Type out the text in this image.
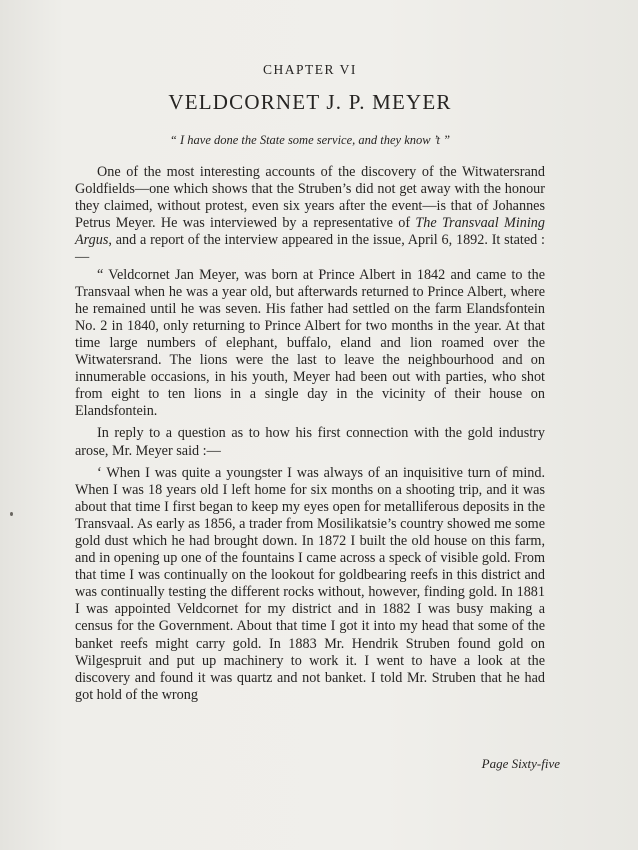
CHAPTER VI
VELDCORNET J. P. MEYER
“ I have done the State some service, and they know ’t ”

One of the most interesting accounts of the discovery of the Witwatersrand Goldfields—one which shows that the Struben’s did not get away with the honour they claimed, without protest, even six years after the event—is that of Johannes Petrus Meyer. He was interviewed by a representative of The Transvaal Mining Argus, and a report of the interview appeared in the issue, April 6, 1892. It stated :—

“ Veldcornet Jan Meyer, was born at Prince Albert in 1842 and came to the Transvaal when he was a year old, but afterwards returned to Prince Albert, where he remained until he was seven. His father had settled on the farm Elandsfontein No. 2 in 1840, only returning to Prince Albert for two months in the year. At that time large numbers of elephant, buffalo, eland and lion roamed over the Witwatersrand. The lions were the last to leave the neighbourhood and on innumerable occasions, in his youth, Meyer had been out with parties, who shot from eight to ten lions in a single day in the vicinity of their house on Elandsfontein.

In reply to a question as to how his first connection with the gold industry arose, Mr. Meyer said :—

‘ When I was quite a youngster I was always of an inquisitive turn of mind. When I was 18 years old I left home for six months on a shooting trip, and it was about that time I first began to keep my eyes open for metalliferous deposits in the Transvaal. As early as 1856, a trader from Mosilikatsie’s country showed me some gold dust which he had brought down. In 1872 I built the old house on this farm, and in opening up one of the fountains I came across a speck of visible gold. From that time I was continually on the lookout for goldbearing reefs in this district and was continually testing the different rocks without, however, finding gold. In 1881 I was appointed Veldcornet for my district and in 1882 I was busy making a census for the Government. About that time I got it into my head that some of the banket reefs might carry gold. In 1883 Mr. Hendrik Struben found gold on Wilgespruit and put up machinery to work it. I went to have a look at the discovery and found it was quartz and not banket. I told Mr. Struben that he had got hold of the wrong

Page Sixty-five
